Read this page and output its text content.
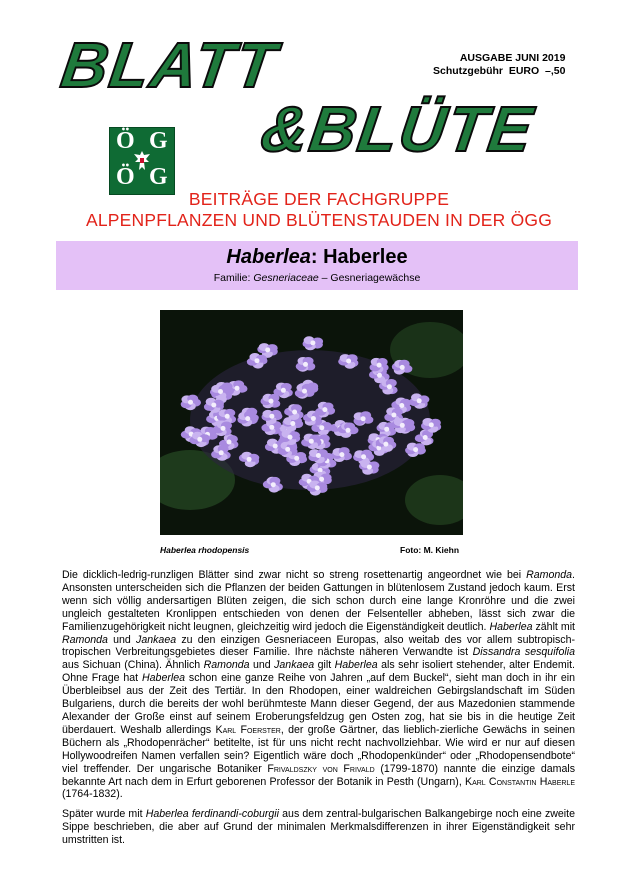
BLATT
&BLÜTE
AUSGABE JUNI 2019
Schutzgebühr EURO  –,50
Ö G
Ö G
BEITRÄGE DER FACHGRUPPE
ALPENPFLANZEN UND BLÜTENSTAUDEN IN DER ÖGG
Haberlea: Haberlee
Familie: Gesneriaceae – Gesneriagewächse
Haberlea rhodopensis	Foto: M. Kiehn

Die dicklich-ledrig-runzligen Blätter sind zwar nicht so streng rosettenartig angeordnet wie bei Ramonda. Ansonsten unterscheiden sich die Pflanzen der beiden Gattungen in blütenlosem Zustand jedoch kaum. Erst wenn sich völlig andersartigen Blüten zeigen, die sich schon durch eine lange Kronröhre und die zwei ungleich gestalteten Kronlippen entschieden von denen der Felsenteller abheben, lässt sich zwar die Familienzugehörigkeit nicht leugnen, gleichzeitig wird jedoch die Eigenständigkeit deutlich. Haberlea zählt mit Ramonda und Jankaea zu den einzigen Gesneriaceen Europas, also weitab des vor allem subtropisch-tropischen Verbreitungsgebietes dieser Familie. Ihre nächste näheren Verwandte ist Dissandra sesquifolia aus Sichuan (China). Ähnlich Ramonda und Jankaea gilt Haberlea als sehr isoliert stehender, alter Endemit. Ohne Frage hat Haberlea schon eine ganze Reihe von Jahren „auf dem Buckel“, sieht man doch in ihr ein Überbleibsel aus der Zeit des Tertiär. In den Rhodopen, einer waldreichen Gebirgslandschaft im Süden Bulgariens, durch die bereits der wohl berühmteste Mann dieser Gegend, der aus Mazedonien stammende Alexander der Große einst auf seinem Eroberungsfeldzug gen Osten zog, hat sie bis in die heutige Zeit überdauert. Weshalb allerdings Karl Foerster, der große Gärtner, das lieblich-zierliche Gewächs in seinen Büchern als „Rhodopenrächer“ betitelte, ist für uns nicht recht nachvollziehbar. Wie wird er nur auf diesen Hollywoodreifen Namen verfallen sein? Eigentlich wäre doch „Rhodopenkünder“ oder „Rhodopensendbote“ viel treffender. Der ungarische Botaniker Frivaldszky von Frivald (1799-1870) nannte die einzige damals bekannte Art nach dem in Erfurt geborenen Professor der Botanik in Pesth (Ungarn), Karl Constantin Haberle (1764-1832).

Später wurde mit Haberlea ferdinandi-coburgii aus dem zentral-bulgarischen Balkangebirge noch eine zweite Sippe beschrieben, die aber auf Grund der minimalen Merkmalsdifferenzen in ihrer Eigenständigkeit sehr umstritten ist.
